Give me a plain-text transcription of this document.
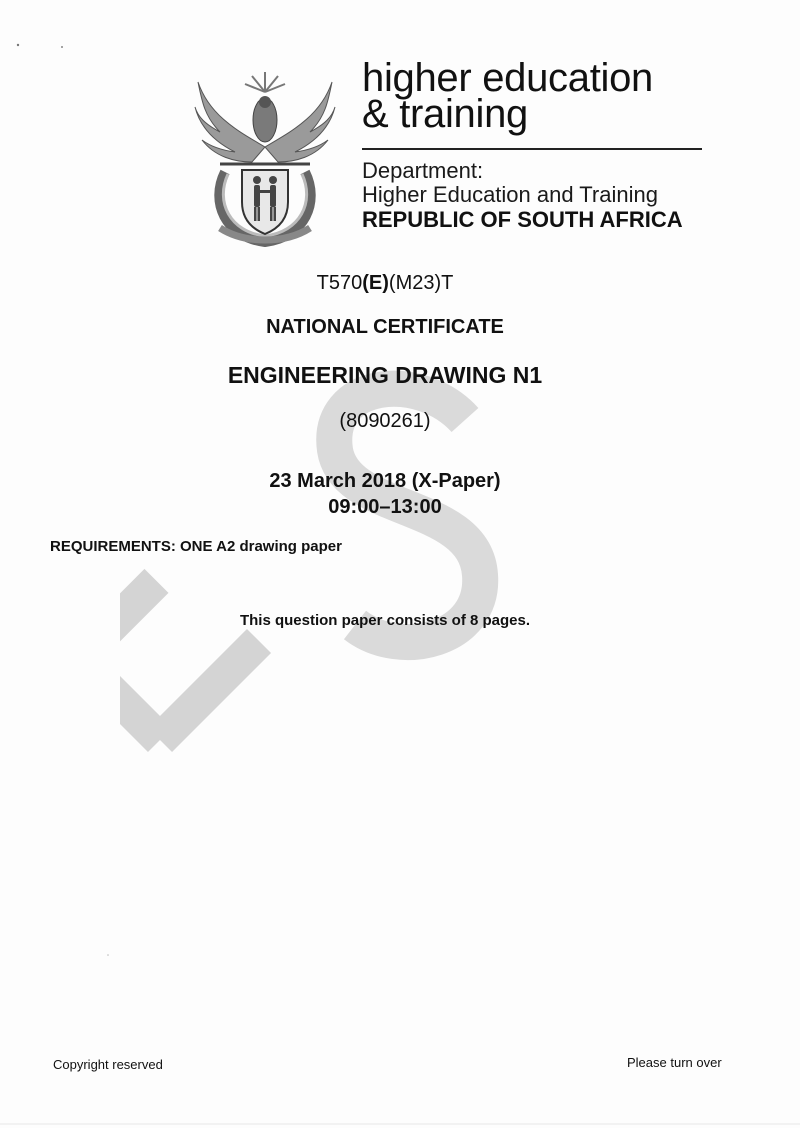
higher education
& training
Department:
Higher Education and Training
REPUBLIC OF SOUTH AFRICA
T570(E)(M23)T
NATIONAL CERTIFICATE
ENGINEERING DRAWING N1
(8090261)
23 March 2018 (X-Paper)
09:00–13:00
REQUIREMENTS: ONE A2 drawing paper
This question paper consists of 8 pages.
Copyright reserved	Please turn over
